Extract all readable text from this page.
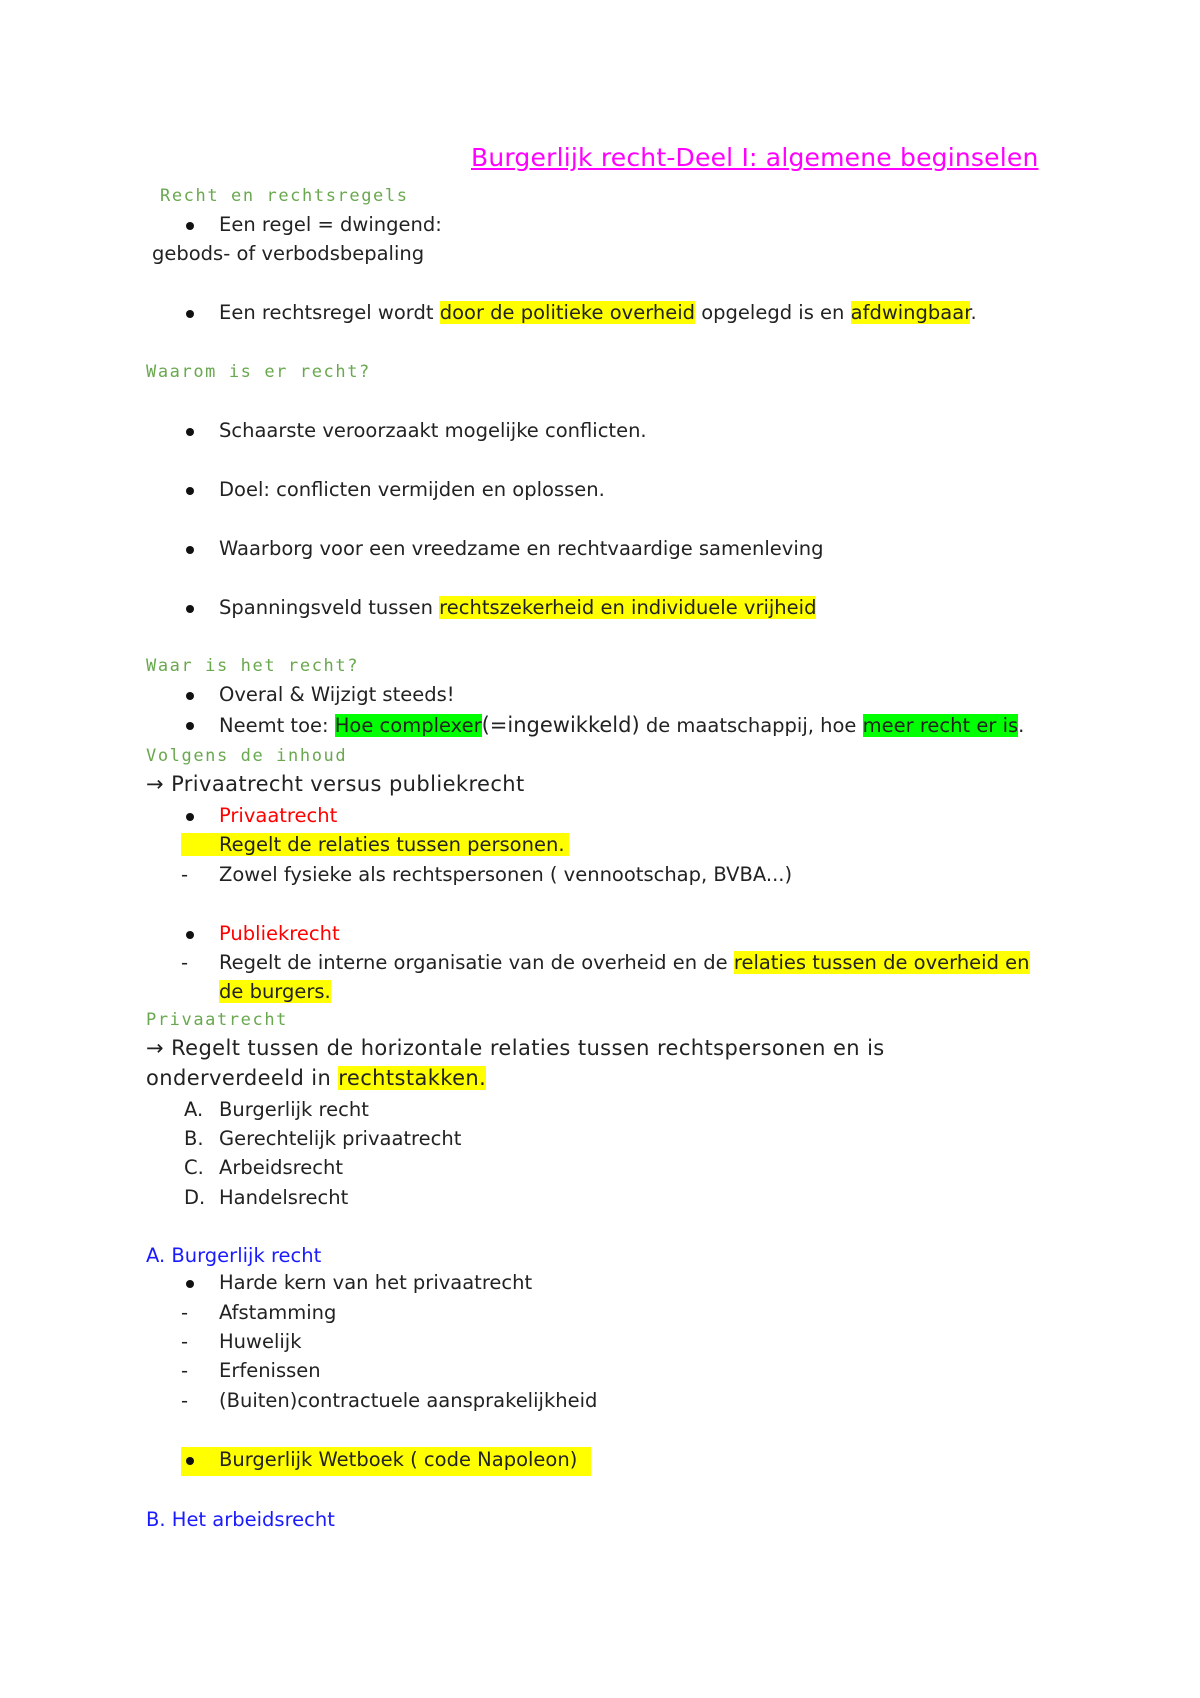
Burgerlijk recht-Deel I: algemene beginselen
Recht en rechtsregels
Een regel = dwingend:
gebods- of verbodsbepaling
Een rechtsregel wordt door de politieke overheid opgelegd is en afdwingbaar.
Waarom is er recht?
Schaarste veroorzaakt mogelijke conflicten.
Doel: conflicten vermijden en oplossen.
Waarborg voor een vreedzame en rechtvaardige samenleving
Spanningsveld tussen rechtszekerheid en individuele vrijheid
Waar is het recht?
Overal & Wijzigt steeds!
Neemt toe: Hoe complexer(=ingewikkeld) de maatschappij, hoe meer recht er is.
Volgens de inhoud
→ Privaatrecht versus publiekrecht
Privaatrecht
Regelt de relaties tussen personen.
- Zowel fysieke als rechtspersonen ( vennootschap, BVBA...)
Publiekrecht
- Regelt de interne organisatie van de overheid en de relaties tussen de overheid en
de burgers.
Privaatrecht
→ Regelt tussen de horizontale relaties tussen rechtspersonen en is
onderverdeeld in rechtstakken.
A. Burgerlijk recht
B. Gerechtelijk privaatrecht
C. Arbeidsrecht
D. Handelsrecht
A. Burgerlijk recht
Harde kern van het privaatrecht
- Afstamming
- Huwelijk
- Erfenissen
- (Buiten)contractuele aansprakelijkheid
Burgerlijk Wetboek ( code Napoleon)
B. Het arbeidsrecht
